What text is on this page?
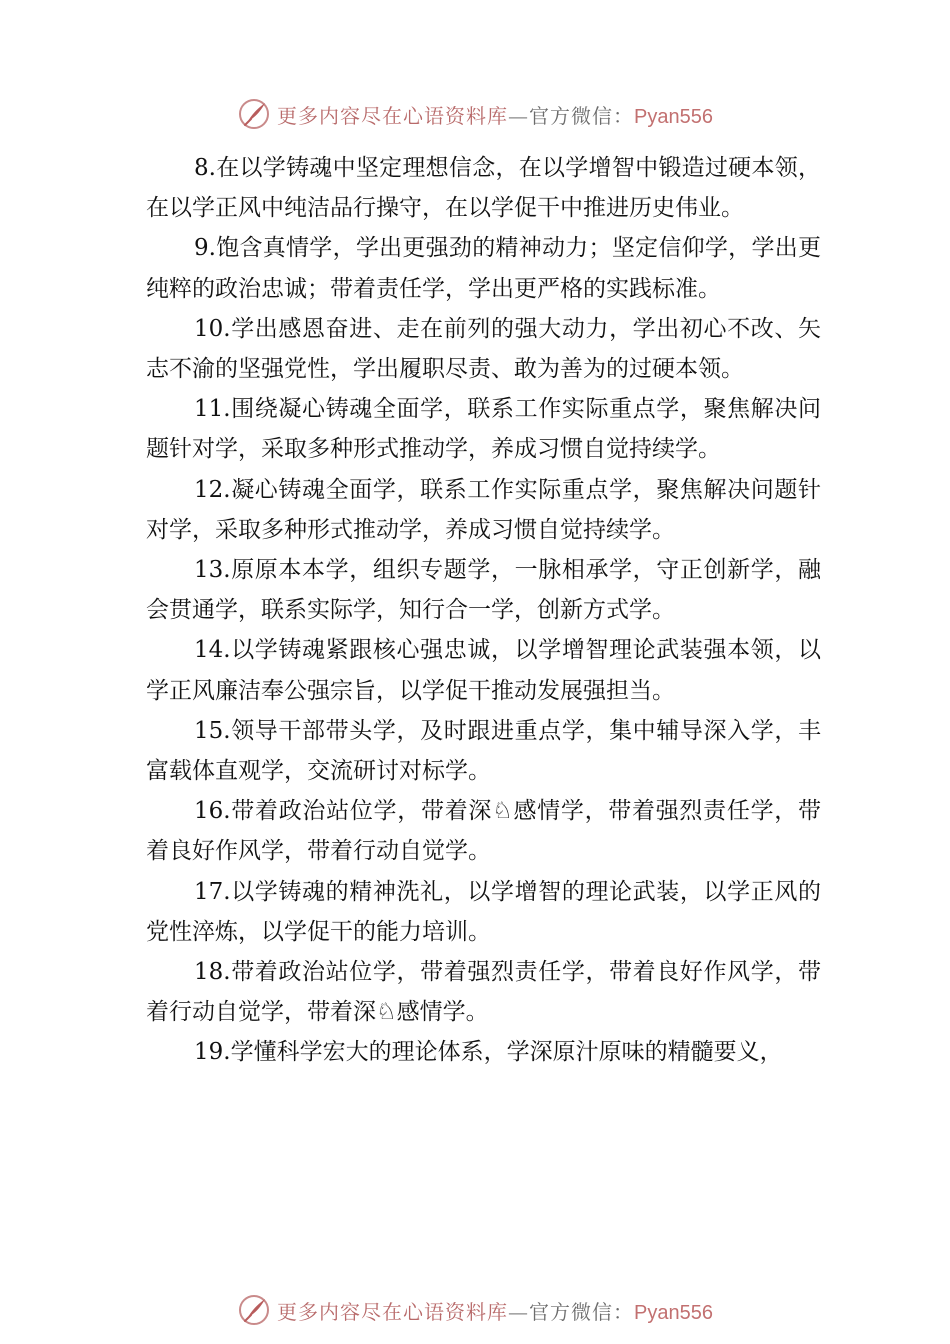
更多内容尽在心语资料库—官方微信：Pyan556

8.在以学铸魂中坚定理想信念，在以学增智中锻造过硬本领，在以学正风中纯洁品行操守，在以学促干中推进历史伟业。

9.饱含真情学，学出更强劲的精神动力；坚定信仰学，学出更纯粹的政治忠诚；带着责任学，学出更严格的实践标准。

10.学出感恩奋进、走在前列的强大动力，学出初心不改、矢志不渝的坚强党性，学出履职尽责、敢为善为的过硬本领。

11.围绕凝心铸魂全面学，联系工作实际重点学，聚焦解决问题针对学，采取多种形式推动学，养成习惯自觉持续学。

12.凝心铸魂全面学，联系工作实际重点学，聚焦解决问题针对学，采取多种形式推动学，养成习惯自觉持续学。

13.原原本本学，组织专题学，一脉相承学，守正创新学，融会贯通学，联系实际学，知行合一学，创新方式学。

14.以学铸魂紧跟核心强忠诚，以学增智理论武装强本领，以学正风廉洁奉公强宗旨，以学促干推动发展强担当。

15.领导干部带头学，及时跟进重点学，集中辅导深入学，丰富载体直观学，交流研讨对标学。

16.带着政治站位学，带着深♘感情学，带着强烈责任学，带着良好作风学，带着行动自觉学。

17.以学铸魂的精神洗礼，以学增智的理论武装，以学正风的党性淬炼，以学促干的能力培训。

18.带着政治站位学，带着强烈责任学，带着良好作风学，带着行动自觉学，带着深♘感情学。

19.学懂科学宏大的理论体系，学深原汁原味的精髓要义，

更多内容尽在心语资料库—官方微信：Pyan556
